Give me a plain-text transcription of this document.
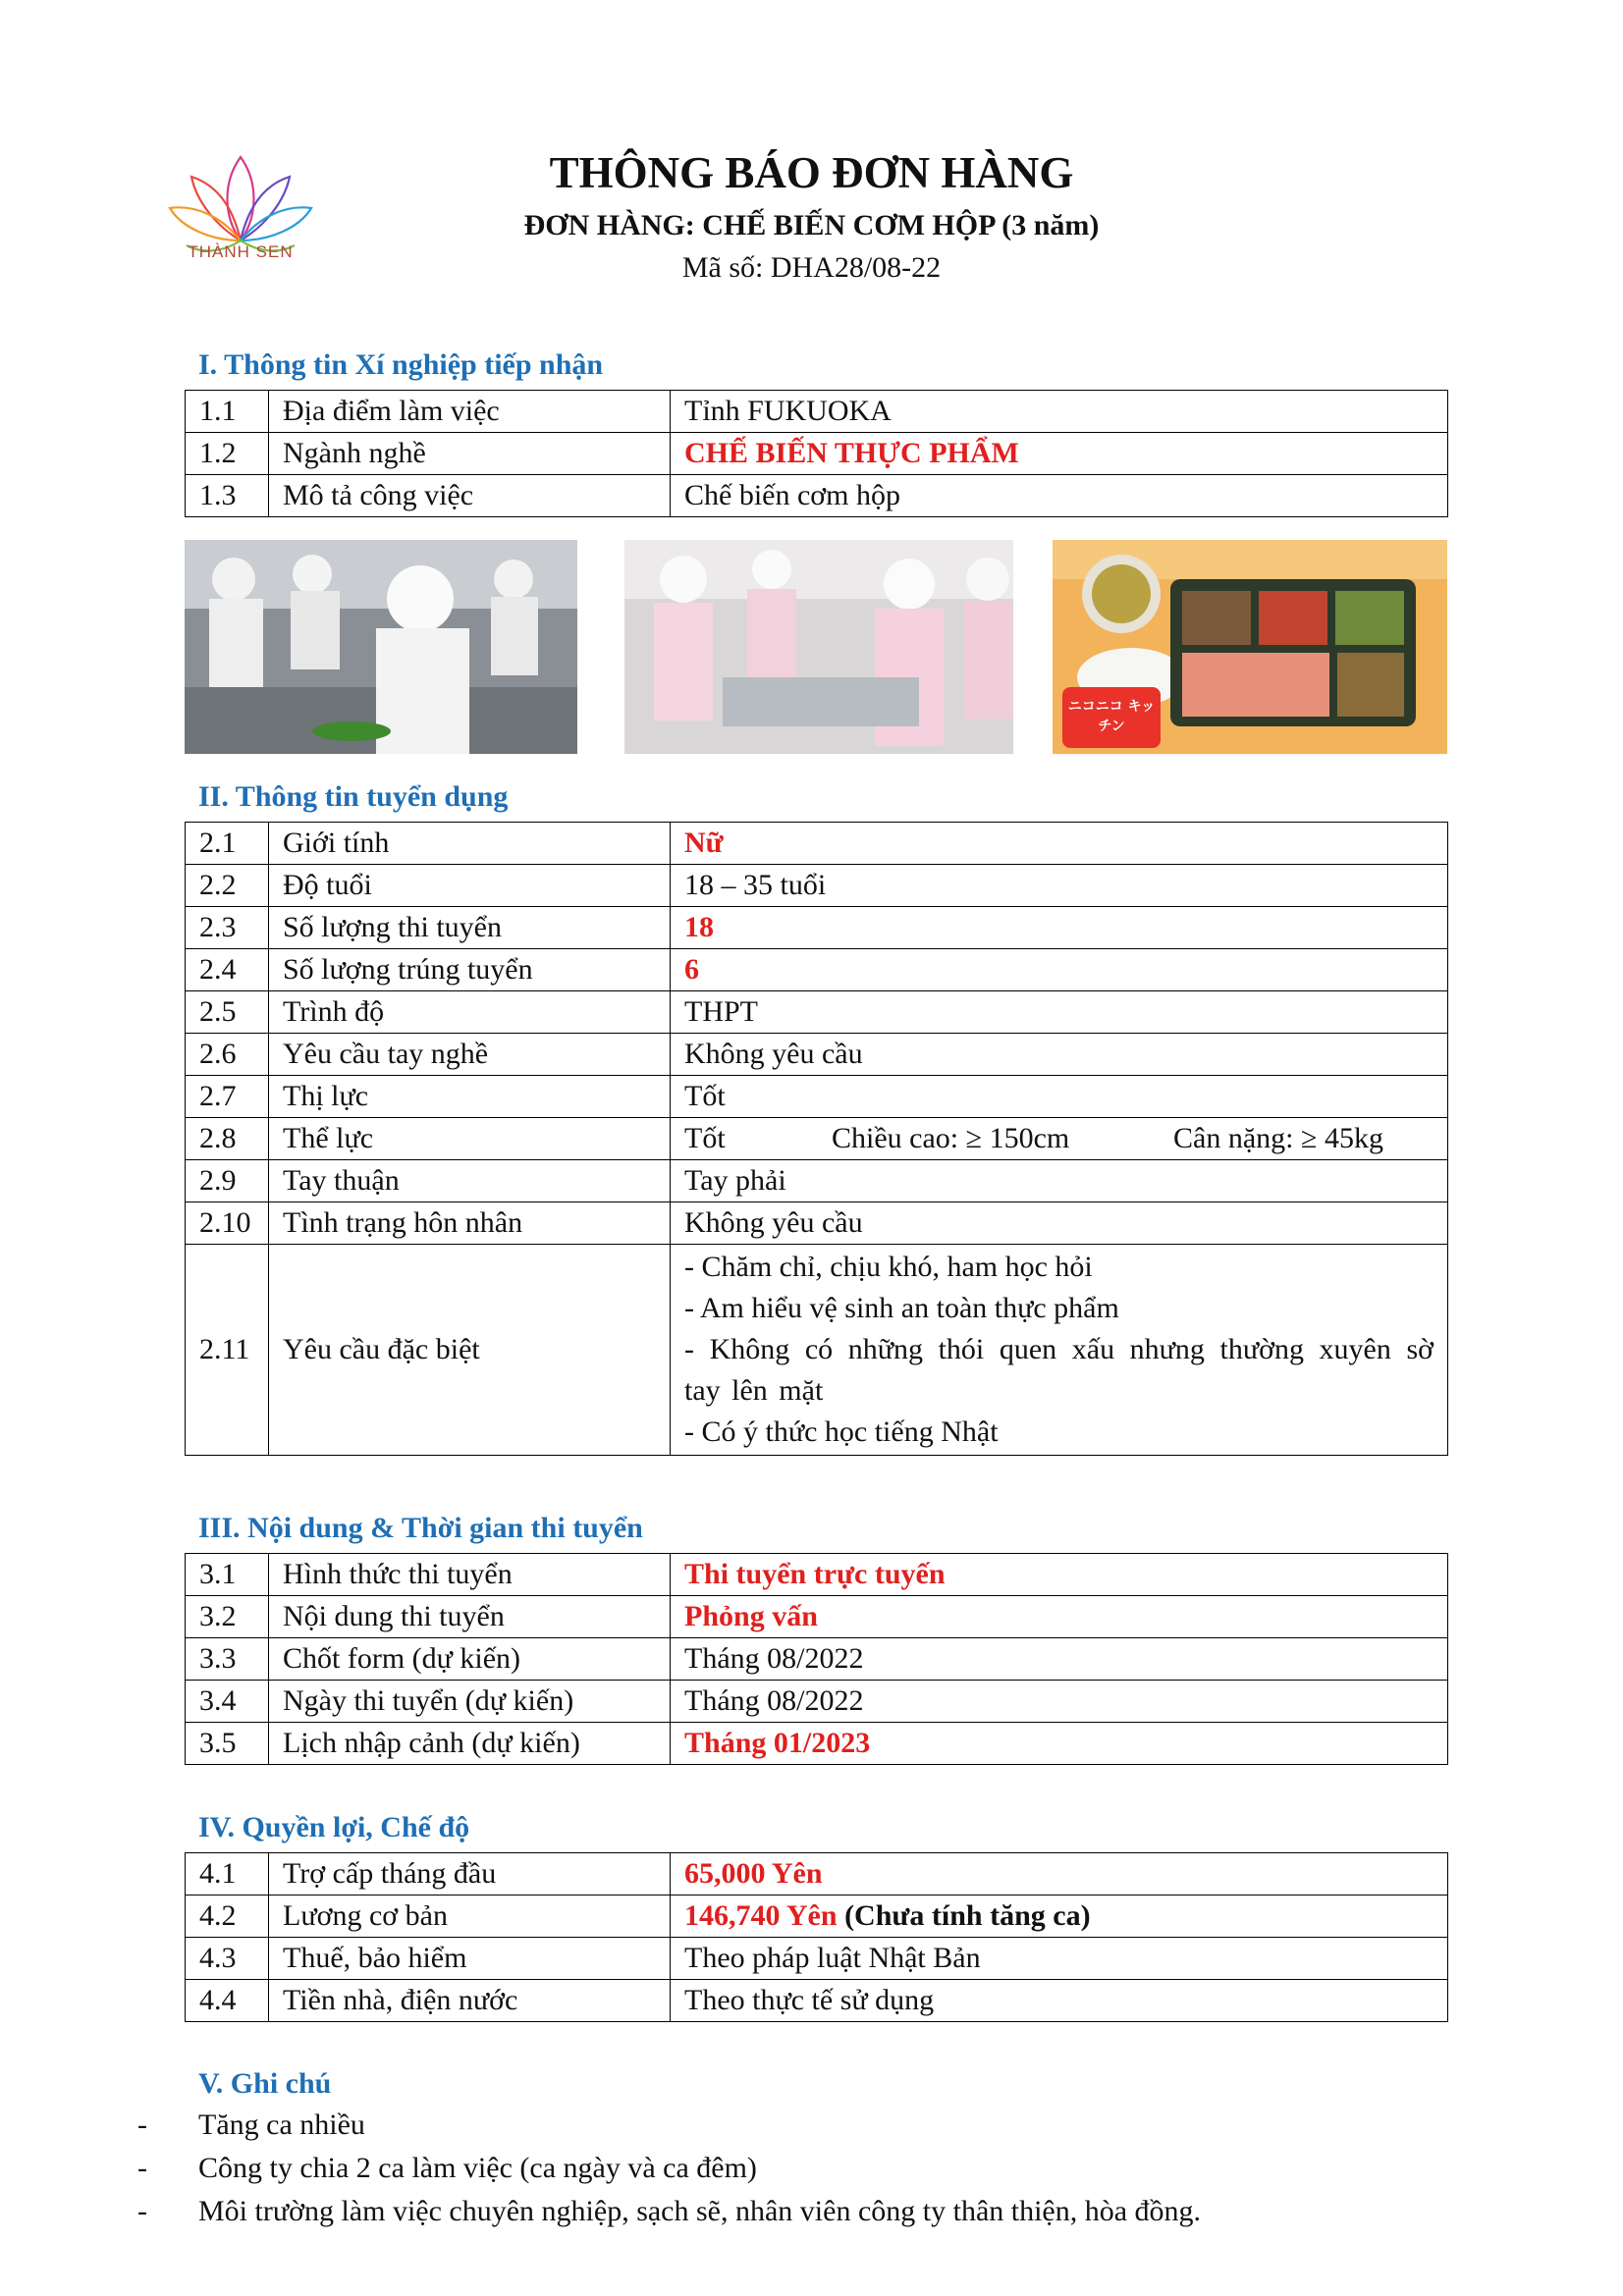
THÀNH SEN
THÔNG BÁO ĐƠN HÀNG
ĐƠN HÀNG: CHẾ BIẾN CƠM HỘP (3 năm)
Mã số: DHA28/08-22
I. Thông tin Xí nghiệp tiếp nhận
1.1	Địa điểm làm việc	Tỉnh FUKUOKA
1.2	Ngành nghề	CHẾ BIẾN THỰC PHẨM
1.3	Mô tả công việc	Chế biến cơm hộp
ニコニコ キッチン
II. Thông tin tuyển dụng
2.1	Giới tính	Nữ
2.2	Độ tuổi	18 – 35 tuổi
2.3	Số lượng thi tuyển	18
2.4	Số lượng trúng tuyển	6
2.5	Trình độ	THPT
2.6	Yêu cầu tay nghề	Không yêu cầu
2.7	Thị lực	Tốt
2.8	Thể lực	Tốt Chiều cao: ≥ 150cm Cân nặng: ≥ 45kg
2.9	Tay thuận	Tay phải
2.10	Tình trạng hôn nhân	Không yêu cầu
2.11	Yêu cầu đặc biệt	- Chăm chỉ, chịu khó, ham học hỏi
- Am hiểu vệ sinh an toàn thực phẩm
- Không có những thói quen xấu nhưng thường xuyên sờ tay lên mặt
- Có ý thức học tiếng Nhật
III. Nội dung & Thời gian thi tuyển
3.1	Hình thức thi tuyển	Thi tuyển trực tuyến
3.2	Nội dung thi tuyển	Phỏng vấn
3.3	Chốt form (dự kiến)	Tháng 08/2022
3.4	Ngày thi tuyển (dự kiến)	Tháng 08/2022
3.5	Lịch nhập cảnh (dự kiến)	Tháng 01/2023
IV. Quyền lợi, Chế độ
4.1	Trợ cấp tháng đầu	65,000 Yên
4.2	Lương cơ bản	146,740 Yên (Chưa tính tăng ca)
4.3	Thuế, bảo hiểm	Theo pháp luật Nhật Bản
4.4	Tiền nhà, điện nước	Theo thực tế sử dụng
V. Ghi chú
-	Tăng ca nhiều
-	Công ty chia 2 ca làm việc (ca ngày và ca đêm)
-	Môi trường làm việc chuyên nghiệp, sạch sẽ, nhân viên công ty thân thiện, hòa đồng.
